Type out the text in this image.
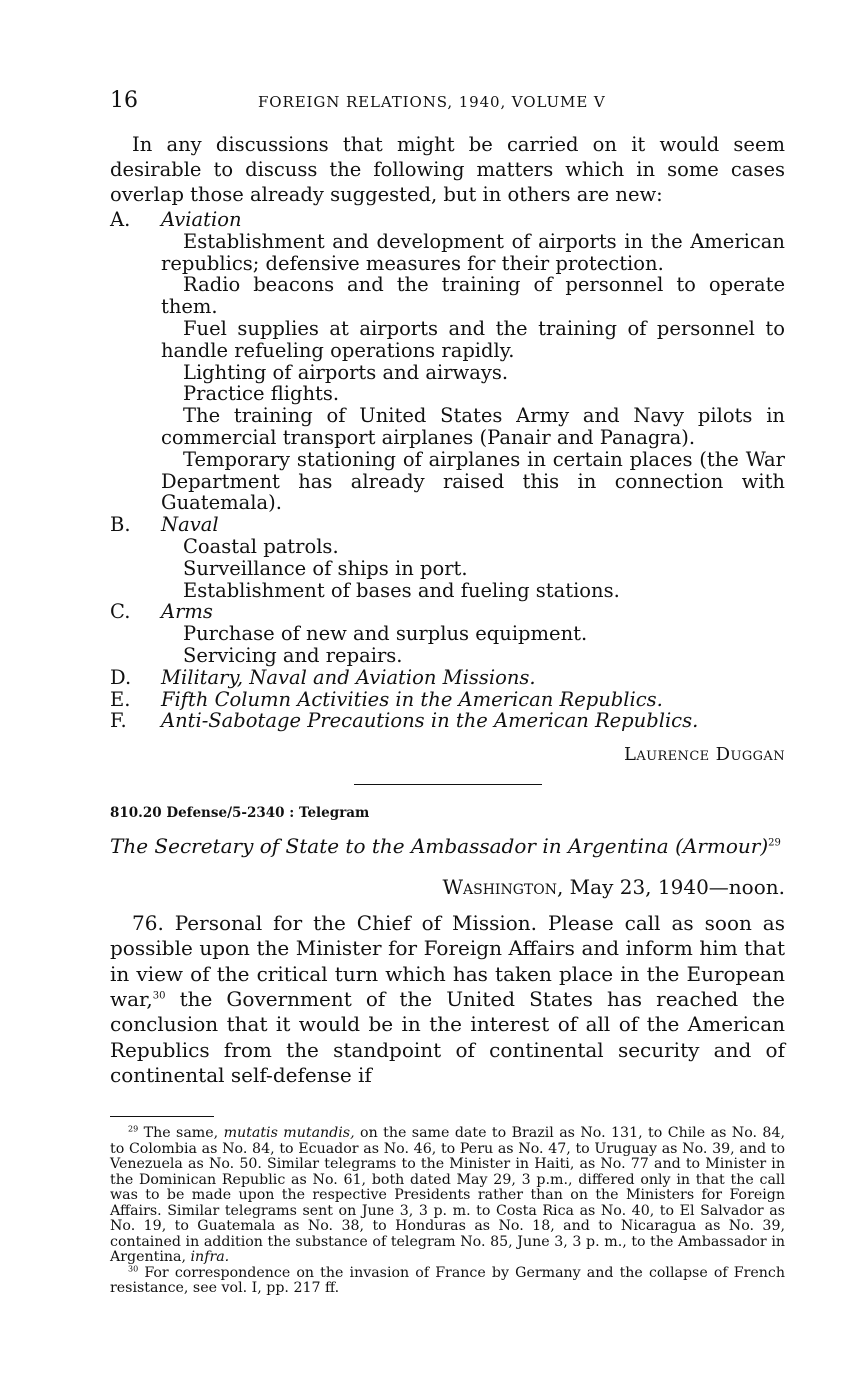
16	FOREIGN RELATIONS, 1940, VOLUME V

In any discussions that might be carried on it would seem desirable to discuss the following matters which in some cases overlap those already suggested, but in others are new:

A.	Aviation
Establishment and development of airports in the American republics; defensive measures for their protection.
Radio beacons and the training of personnel to operate them.
Fuel supplies at airports and the training of personnel to handle refueling operations rapidly.
Lighting of airports and airways.
Practice flights.
The training of United States Army and Navy pilots in commercial transport airplanes (Panair and Panagra).
Temporary stationing of airplanes in certain places (the War Department has already raised this in connection with Guatemala).
B.	Naval
Coastal patrols.
Surveillance of ships in port.
Establishment of bases and fueling stations.
C.	Arms
Purchase of new and surplus equipment.
Servicing and repairs.
D.	Military, Naval and Aviation Missions.
E.	Fifth Column Activities in the American Republics.
F.	Anti-Sabotage Precautions in the American Republics.
Laurence Duggan
810.20 Defense/5-2340 : Telegram
The Secretary of State to the Ambassador in Argentina (Armour)$^{29}$
Washington, May 23, 1940—noon.

76. Personal for the Chief of Mission. Please call as soon as possible upon the Minister for Foreign Affairs and inform him that in view of the critical turn which has taken place in the European war,$^{30}$ the Government of the United States has reached the conclusion that it would be in the interest of all of the American Republics from the standpoint of continental security and of continental self-defense if

$^{29}$ The same, mutatis mutandis, on the same date to Brazil as No. 131, to Chile as No. 84, to Colombia as No. 84, to Ecuador as No. 46, to Peru as No. 47, to Uruguay as No. 39, and to Venezuela as No. 50. Similar telegrams to the Minister in Haiti, as No. 77 and to Minister in the Dominican Republic as No. 61, both dated May 29, 3 p.m., differed only in that the call was to be made upon the respective Presidents rather than on the Ministers for Foreign Affairs. Similar telegrams sent on June 3, 3 p. m. to Costa Rica as No. 40, to El Salvador as No. 19, to Guatemala as No. 38, to Honduras as No. 18, and to Nicaragua as No. 39, contained in addition the substance of telegram No. 85, June 3, 3 p. m., to the Ambassador in Argentina, infra.

$^{30}$ For correspondence on the invasion of France by Germany and the collapse of French resistance, see vol. I, pp. 217 ff.
